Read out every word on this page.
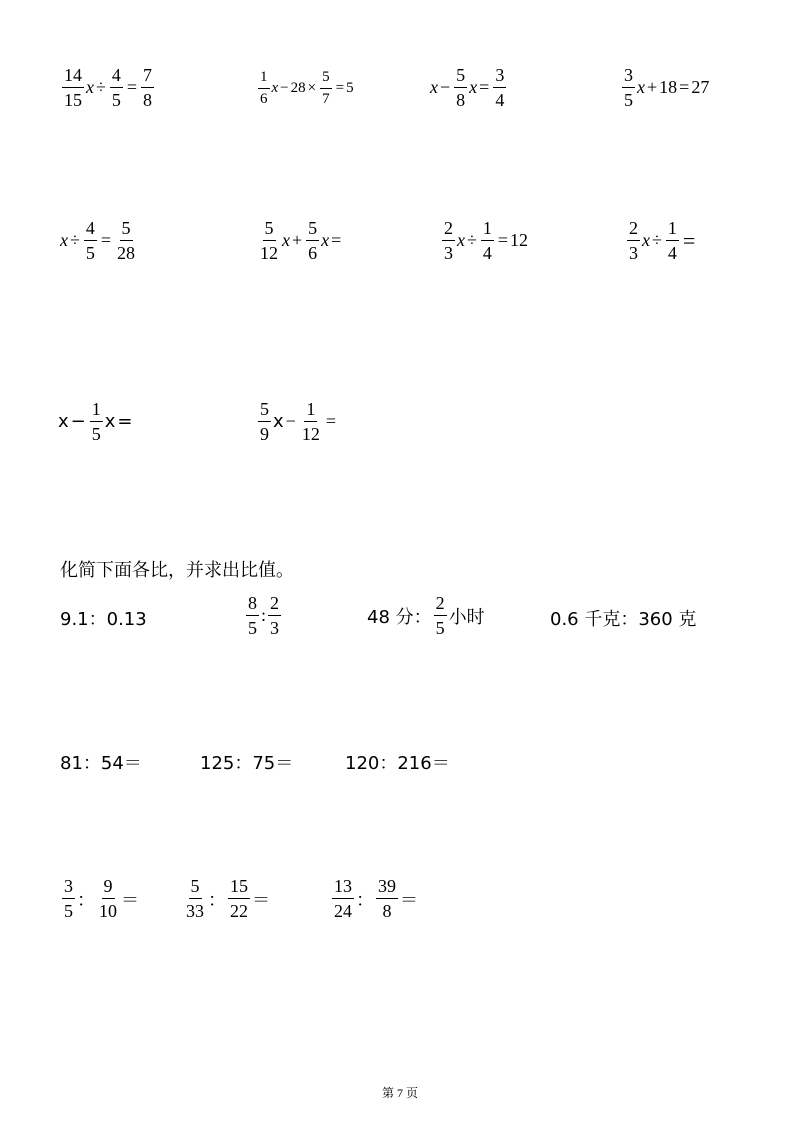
$\frac{14}{15}$ $x \div \frac{4}{5} = \frac{7}{8}$	$\frac{1}{6}$ $x - 28 \times \frac{5}{7} = 5$	$x - \frac{5}{8}$ $x = \frac{3}{4}$	$\frac{3}{5}$ x + 18 = 27
$x \div \frac{4}{5} = \frac{5}{28}$	$\frac{5}{12}$ $x + \frac{5}{6}$ x =	$\frac{2}{3}$ $x \div \frac{1}{4} = 12$	$\frac{2}{3}$ $x \div \frac{1}{4}$ =
$x - \frac{1}{5}$ x =	$\frac{5}{9}$ $x - \frac{1}{12}$ =
化简下面各比，并求出比值。
9.1：0.13	$\frac{8}{5}$ : $\frac{2}{3}$	48 分： $\frac{2}{5}$ 小时	0.6 千克：360 克
81：54＝	125：75＝	120：216＝
$\frac{3}{5}$ ： $\frac{9}{10}$ ＝	$\frac{5}{33}$ ： $\frac{15}{22}$ ＝	$\frac{13}{24}$ ： $\frac{39}{8}$ ＝
第 7 页
